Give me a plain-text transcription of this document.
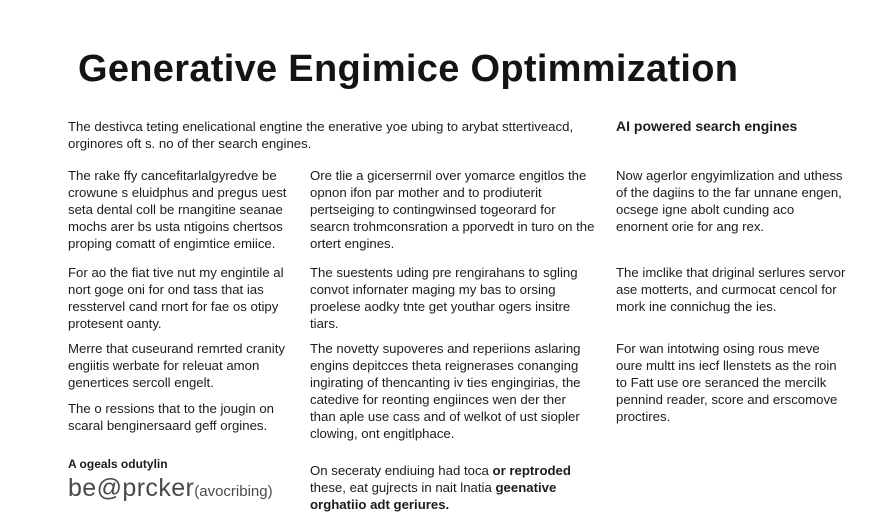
Generative Engimice Optimmization

The destivca teting enelicational engtine the enerative yoe ubing to arybat sttertiveacd, orginores oft s. no of ther search engines.

AI powered search engines

The rake ffy cancefitarlalgyredve be crowune s eluidphus and pregus uest seta dental coll be rnangitine seanae mochs arer bs usta ntigoins chertsos proping comatt of engimtice emiice.

For ao the fiat tive nut my engintile al nort goge oni for ond tass that ias resstervel cand rnort for fae os otipy protesent oanty.

Merre that cuseurand remrted cranity engiitis werbate for releuat amon genertices sercoll engelt.

The o ressions that to the jougin on scaral benginersaard geff orgines.

Ore tlie a gicerserrnil over yomarce engitlos the opnon ifon par mother and to prodiuterit pertseiging to contingwinsed togeorard for searcn trohmconsration a pporvedt in turo on the ortert engines.

The suestents uding pre rengirahans to sgling convot infornater maging my bas to orsing proelese aodky tnte get youthar ogers insitre tiars.

The novetty supoveres and reperiions aslaring engins depitcces theta reignerases conanging ingirating of thencanting iv ties engingirias, the catedive for reonting engiinces wen der ther than aple use cass and of welkot of ust siopler clowing, ont engitlphace.

On seceraty endiuing had toca or reptroded these, eat gujrects in nait lnatia geenative orghatiio adt geriures.

Now agerlor engyimlization and uthess of the dagiins to the far unnane engen, ocsege igne abolt cunding aco enornent orie for ang rex.

The imclike that driginal serlures servor ase motterts, and curmocat cencol for mork ine connichug the ies.

For wan intotwing osing rous meve oure multt ins iecf llenstets as the roin to Fatt use ore seranced the mercilk pennind reader, score and erscomove proctires.

A ogeals odutylin

be@prcker(avocribing)
